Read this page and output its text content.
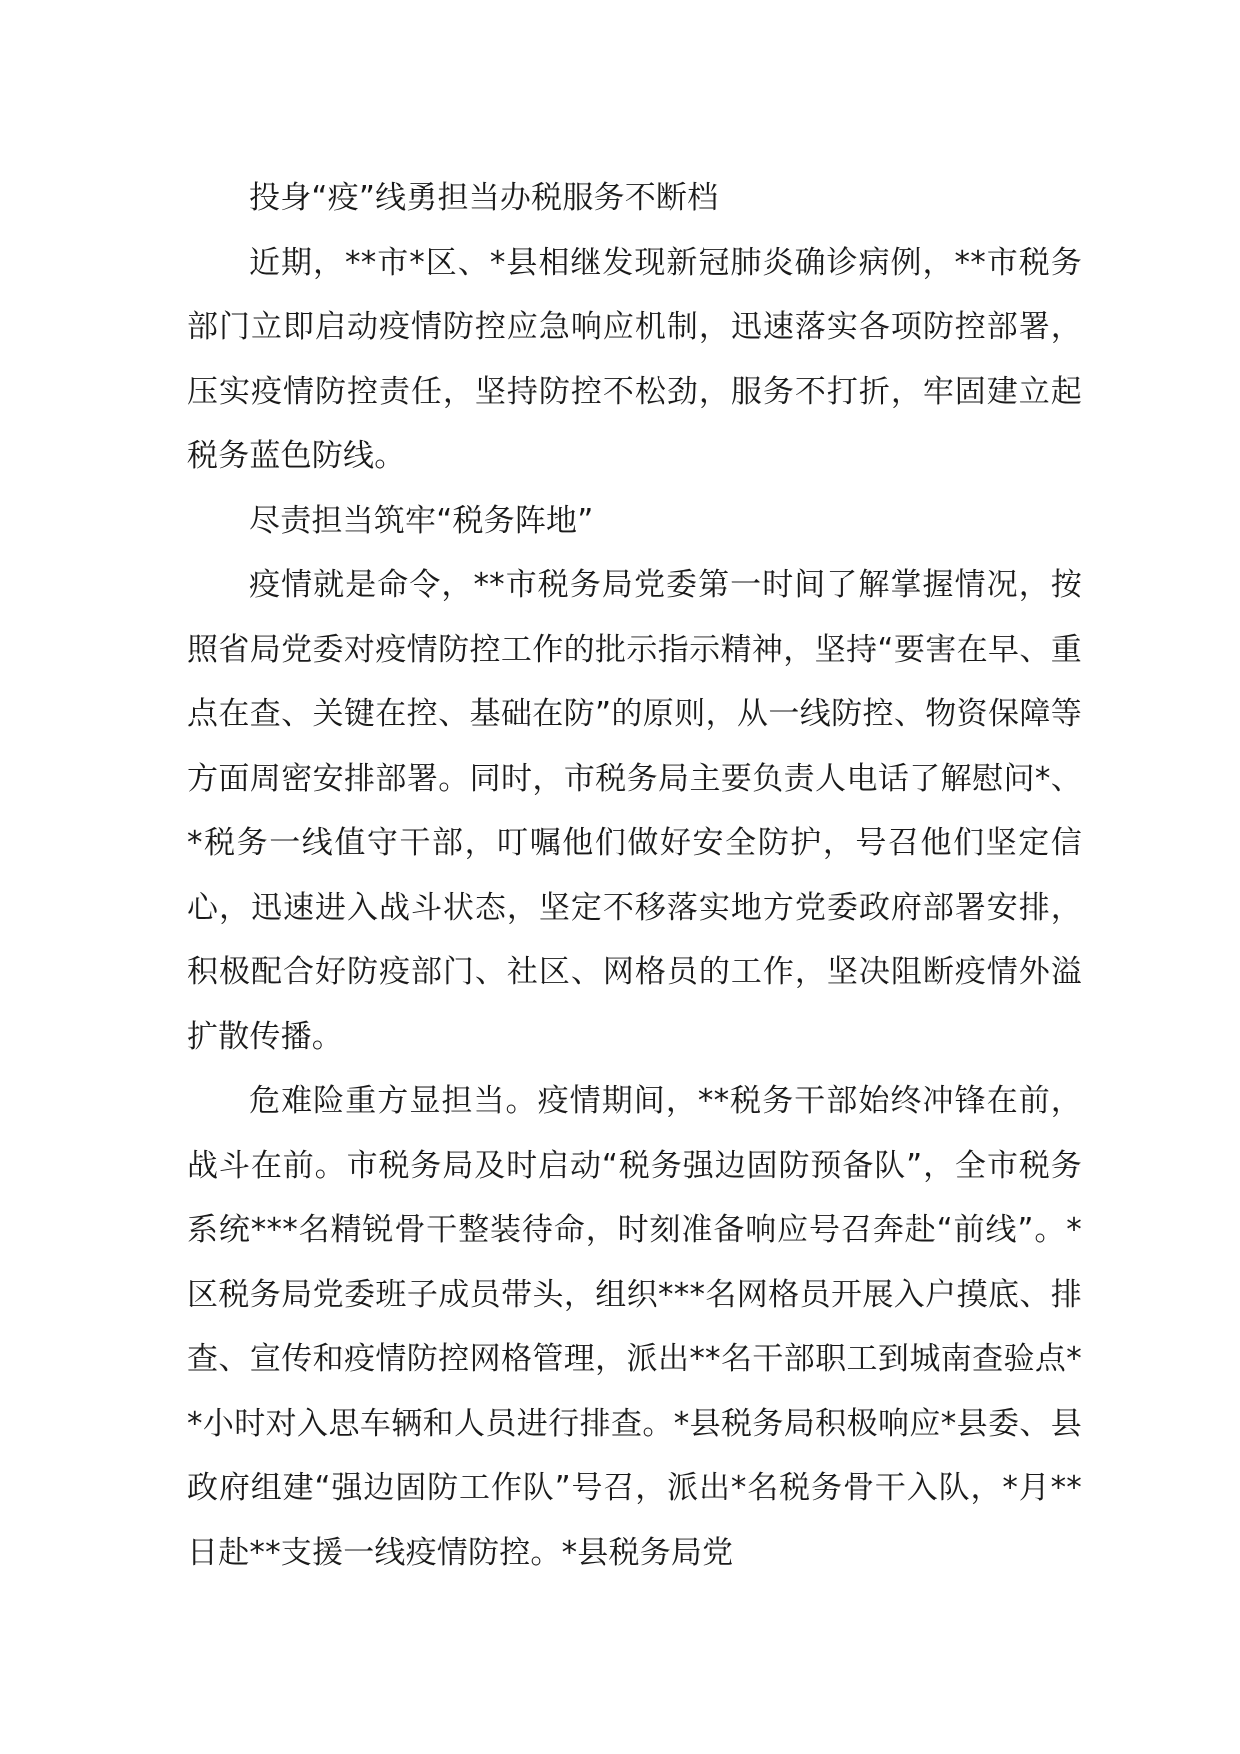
投身“疫”线勇担当办税服务不断档

近期，**市*区、*县相继发现新冠肺炎确诊病例，**市税务部门立即启动疫情防控应急响应机制，迅速落实各项防控部署，压实疫情防控责任，坚持防控不松劲，服务不打折，牢固建立起税务蓝色防线。

尽责担当筑牢“税务阵地”

疫情就是命令，**市税务局党委第一时间了解掌握情况，按照省局党委对疫情防控工作的批示指示精神，坚持“要害在早、重点在查、关键在控、基础在防”的原则，从一线防控、物资保障等方面周密安排部署。同时，市税务局主要负责人电话了解慰问*、*税务一线值守干部，叮嘱他们做好安全防护，号召他们坚定信心，迅速进入战斗状态，坚定不移落实地方党委政府部署安排，积极配合好防疫部门、社区、网格员的工作，坚决阻断疫情外溢扩散传播。

危难险重方显担当。疫情期间，**税务干部始终冲锋在前，战斗在前。市税务局及时启动“税务强边固防预备队”，全市税务系统***名精锐骨干整装待命，时刻准备响应号召奔赴“前线”。*区税务局党委班子成员带头，组织***名网格员开展入户摸底、排查、宣传和疫情防控网格管理，派出**名干部职工到城南查验点**小时对入思车辆和人员进行排查。*县税务局积极响应*县委、县政府组建“强边固防工作队”号召，派出*名税务骨干入队，*月**日赴**支援一线疫情防控。*县税务局党
